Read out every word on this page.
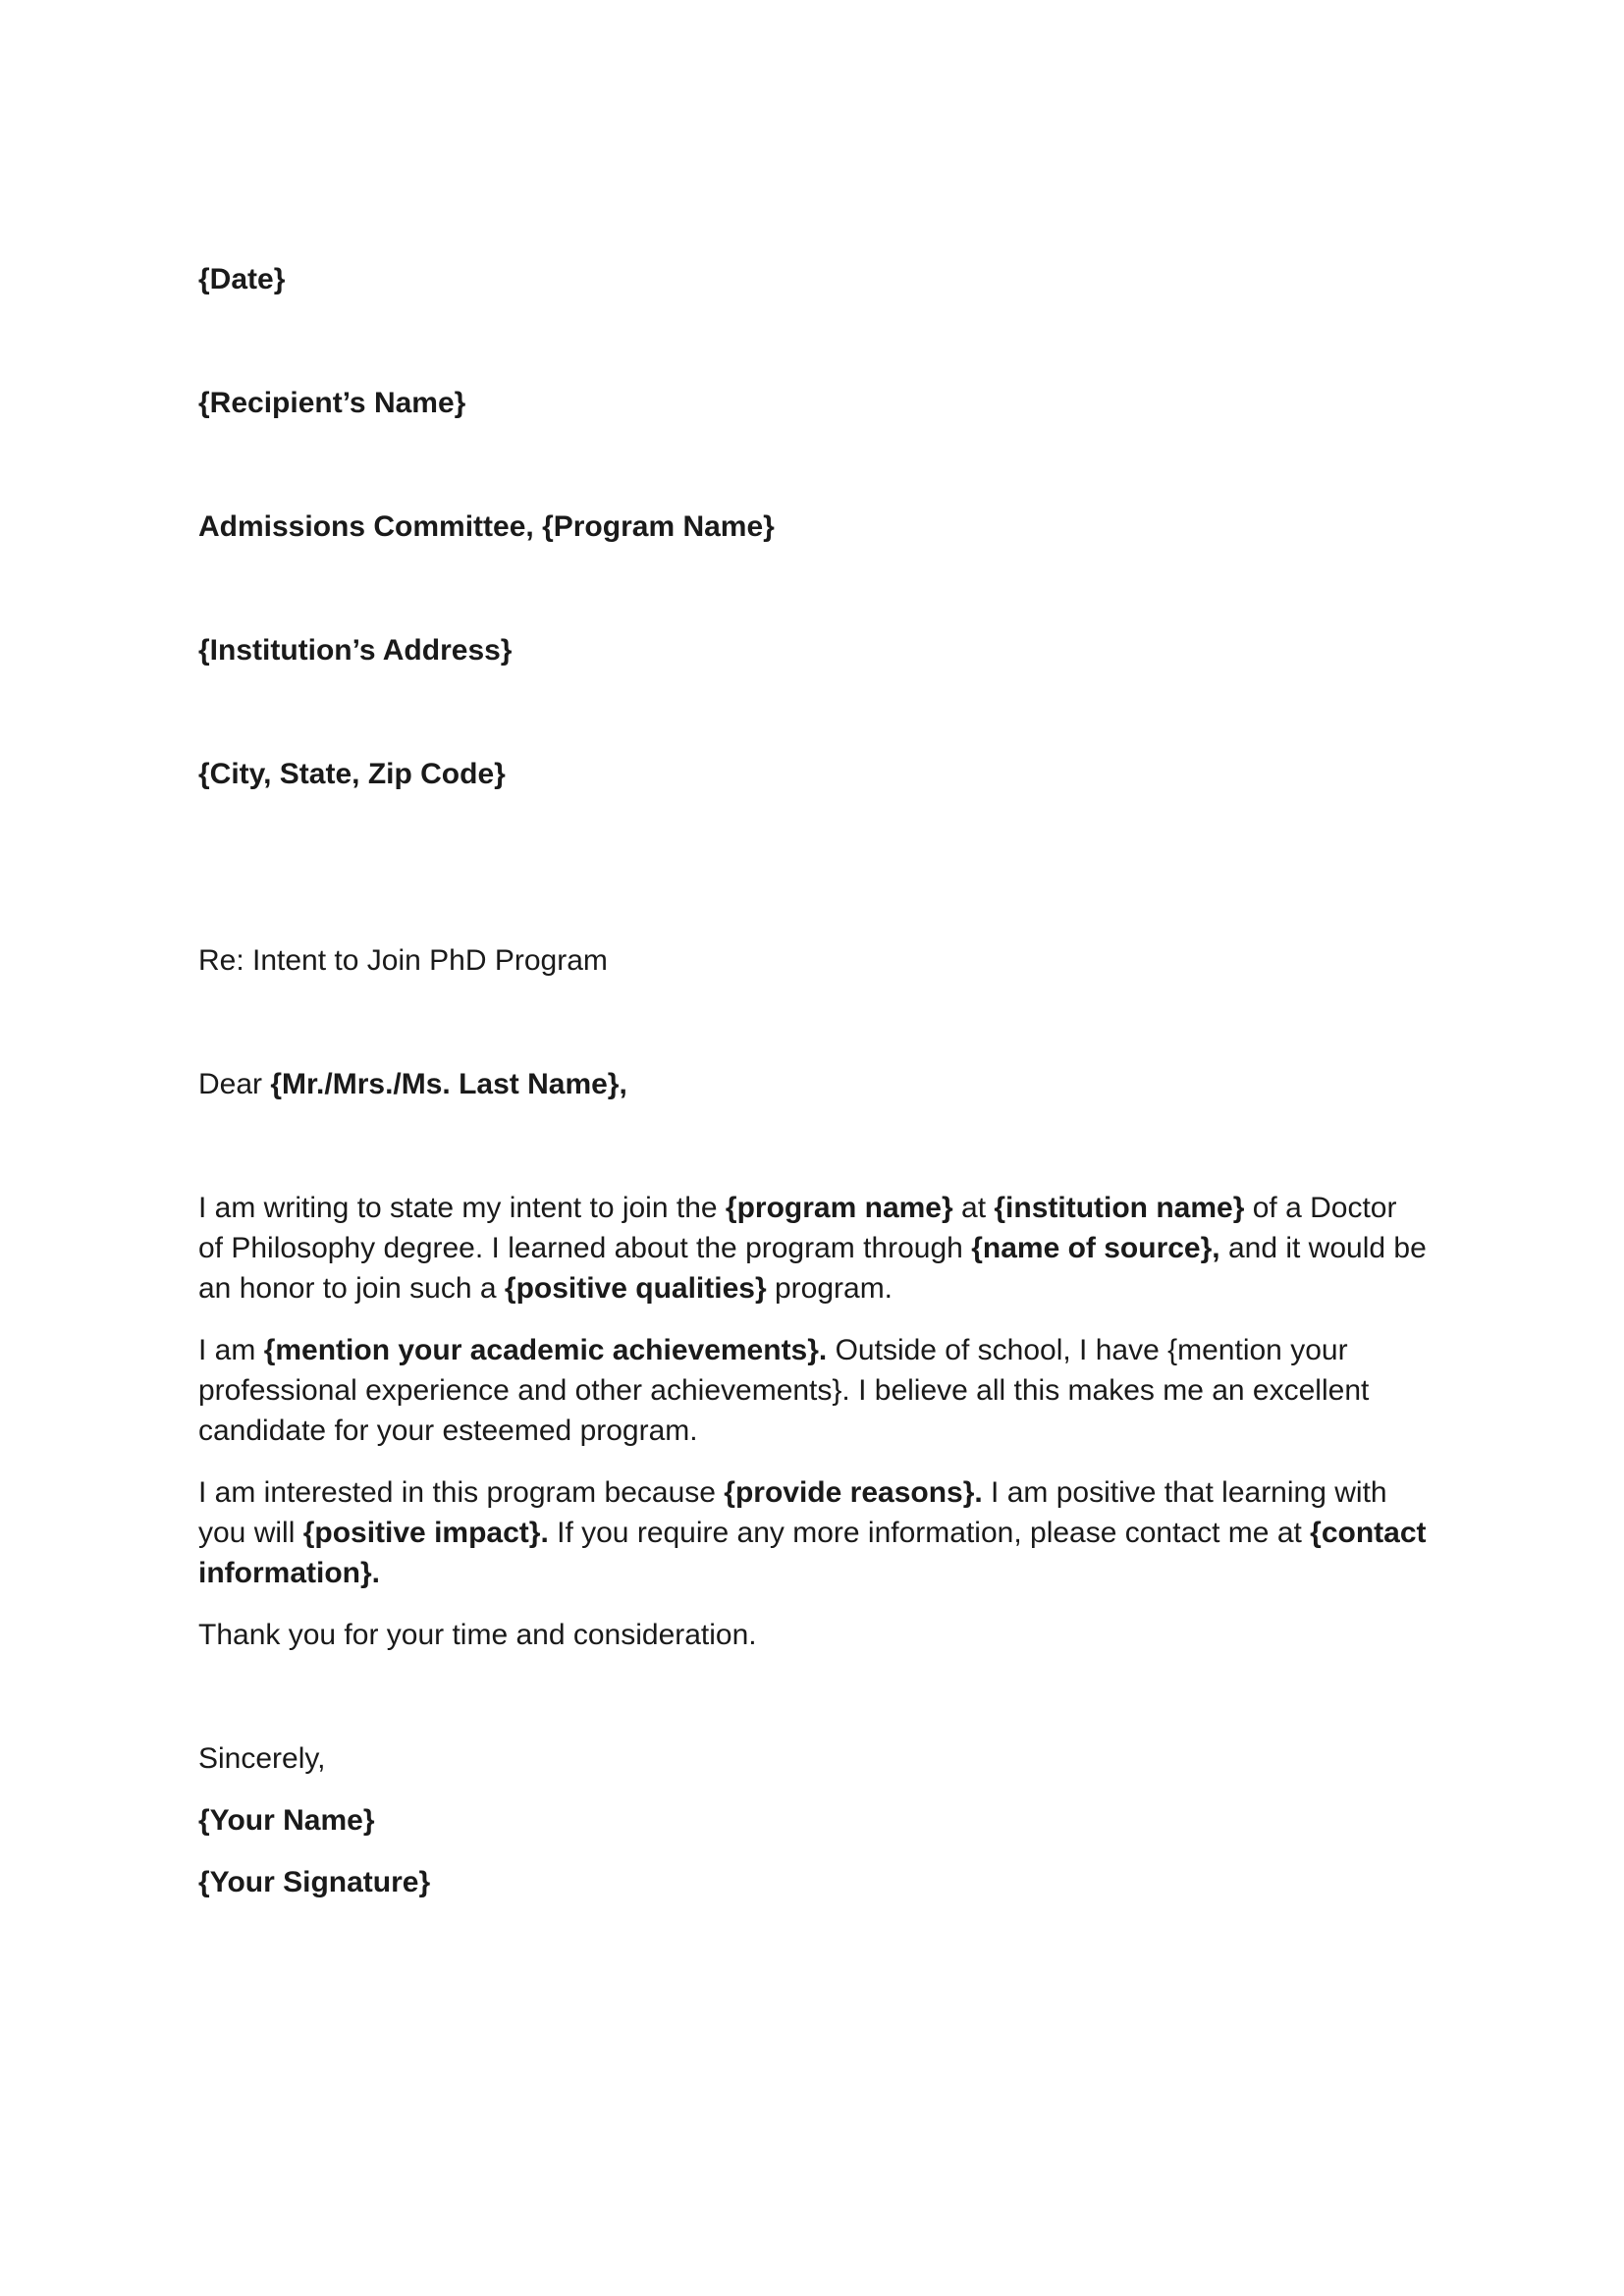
{Date}
{Recipient’s Name}
Admissions Committee, {Program Name}
{Institution’s Address}
{City, State, Zip Code}
Re: Intent to Join PhD Program
Dear {Mr./Mrs./Ms. Last Name},
I am writing to state my intent to join the {program name} at {institution name} of a Doctor of Philosophy degree. I learned about the program through {name of source}, and it would be an honor to join such a {positive qualities} program.
I am {mention your academic achievements}. Outside of school, I have {mention your professional experience and other achievements}. I believe all this makes me an excellent candidate for your esteemed program.
I am interested in this program because {provide reasons}. I am positive that learning with you will {positive impact}. If you require any more information, please contact me at {contact information}.
Thank you for your time and consideration.
Sincerely,
{Your Name}
{Your Signature}
